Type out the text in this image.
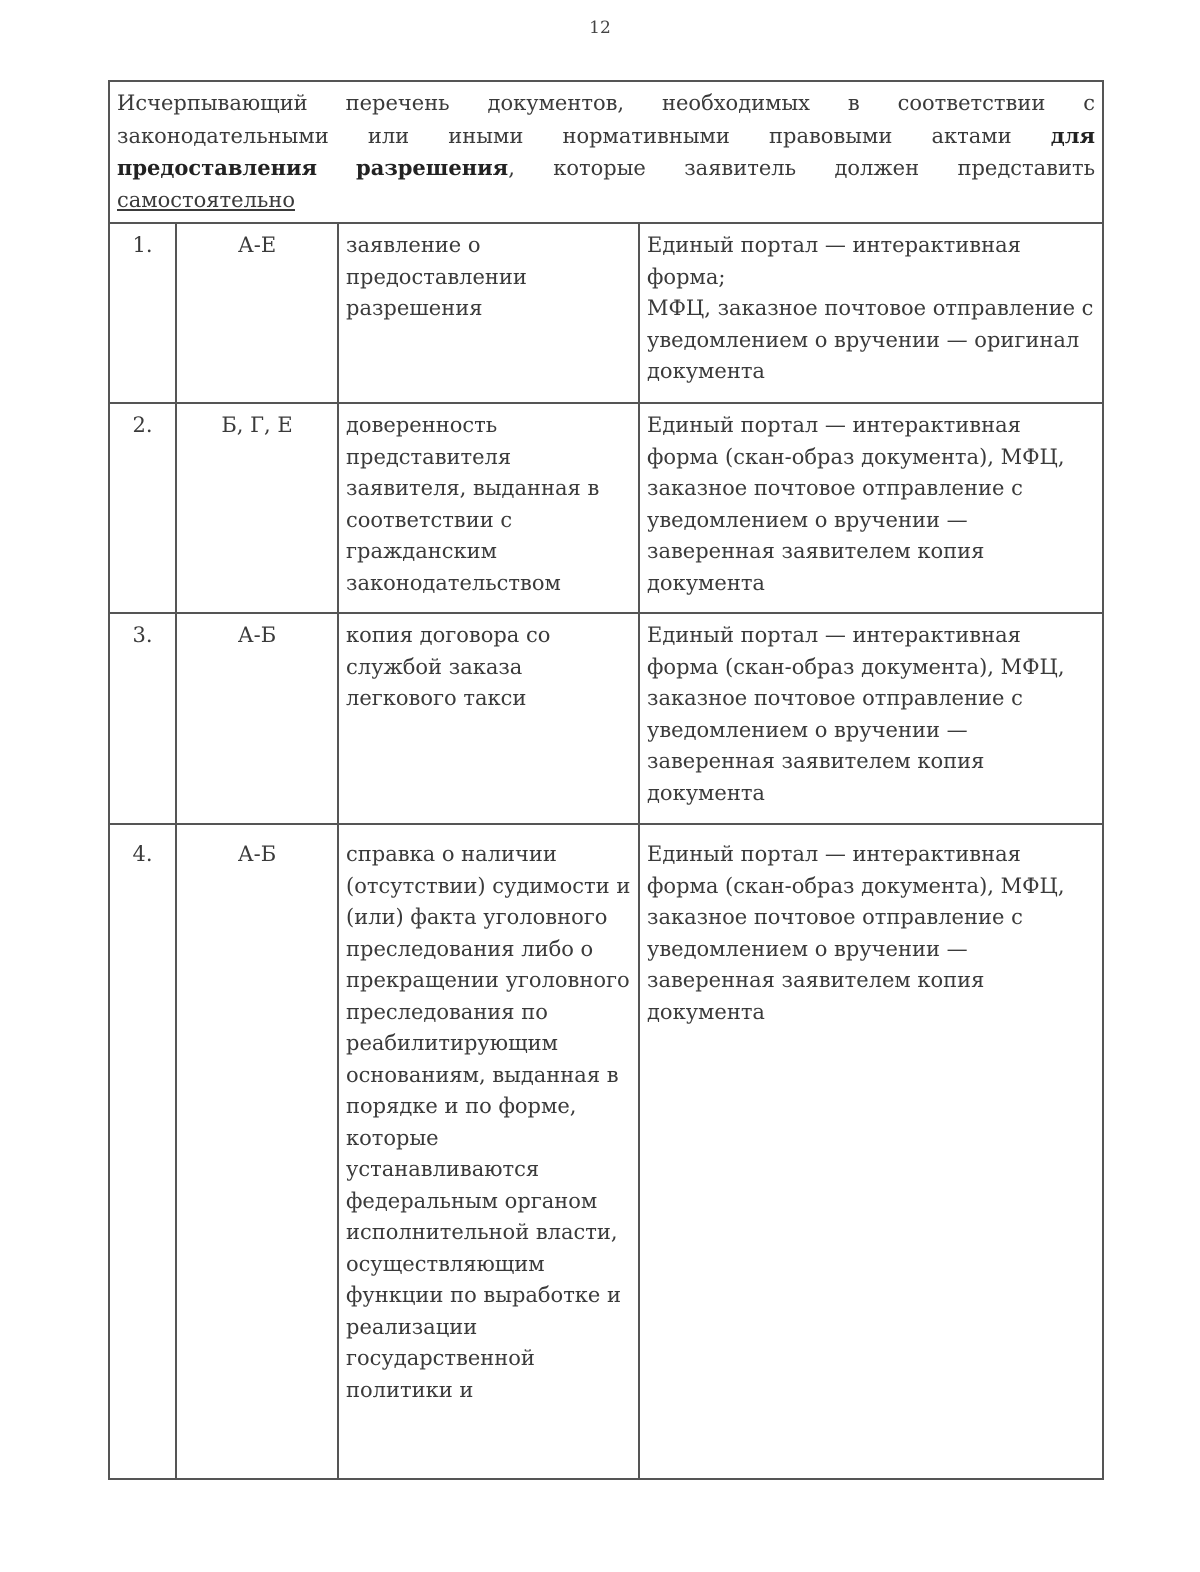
12
Исчерпывающий перечень документов, необходимых в соответствии с законодательными или иными нормативными правовыми актами для предоставления разрешения, которые заявитель должен представить самостоятельно			
1.	А-Е	заявление о предоставлении разрешения	Единый портал — интерактивная форма;
МФЦ, заказное почтовое отправление с уведомлением о вручении — оригинал документа
2.	Б, Г, Е	доверенность представителя заявителя, выданная в соответствии с гражданским законодательством	Единый портал — интерактивная форма (скан-образ документа), МФЦ, заказное почтовое отправление с уведомлением о вручении — заверенная заявителем копия документа
3.	А-Б	копия договора со службой заказа легкового такси	Единый портал — интерактивная форма (скан-образ документа), МФЦ, заказное почтовое отправление с уведомлением о вручении — заверенная заявителем копия документа
4.	А-Б	справка о наличии (отсутствии) судимости и (или) факта уголовного преследования либо о прекращении уголовного преследования по реабилитирующим основаниям, выданная в порядке и по форме, которые устанавливаются федеральным органом исполнительной власти, осуществляющим функции по выработке и реализации государственной политики и	Единый портал — интерактивная форма (скан-образ документа), МФЦ, заказное почтовое отправление с уведомлением о вручении — заверенная заявителем копия документа
